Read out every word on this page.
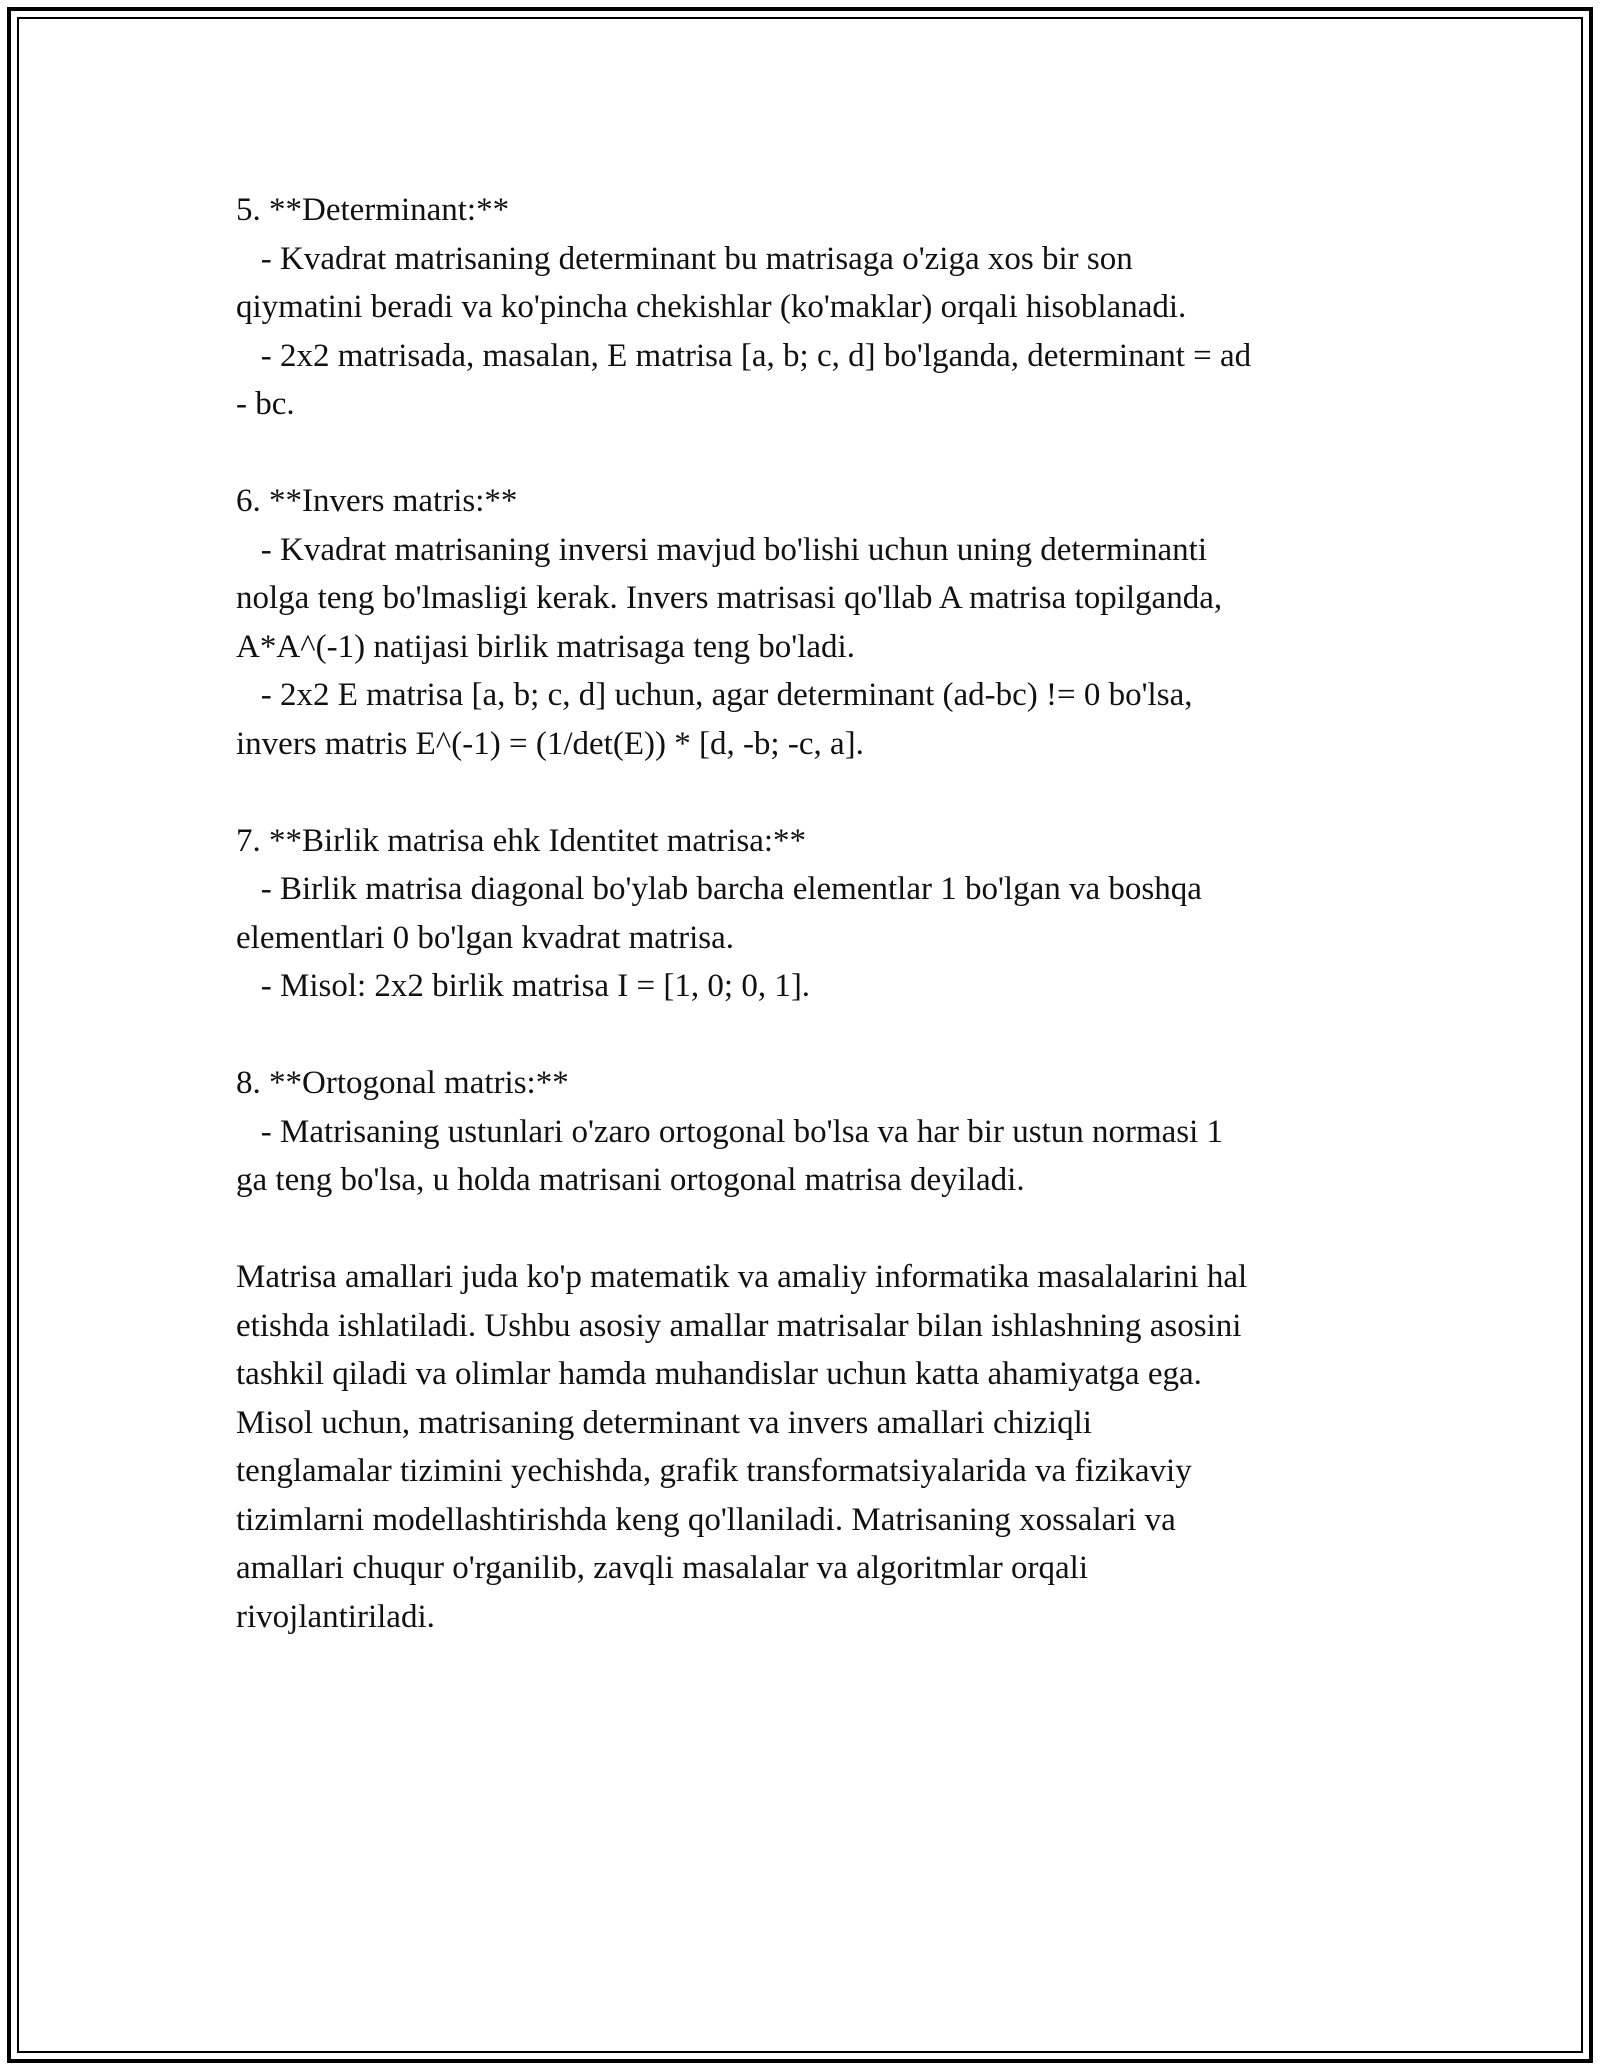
5. **Determinant:**

- Kvadrat matrisaning determinant bu matrisaga o'ziga xos bir son

qiymatini beradi va ko'pincha chekishlar (ko'maklar) orqali hisoblanadi.

- 2x2 matrisada, masalan, E matrisa [a, b; c, d] bo'lganda, determinant = ad

- bc.

6. **Invers matris:**

- Kvadrat matrisaning inversi mavjud bo'lishi uchun uning determinanti

nolga teng bo'lmasligi kerak. Invers matrisasi qo'llab A matrisa topilganda,

A*A^(-1) natijasi birlik matrisaga teng bo'ladi.

- 2x2 E matrisa [a, b; c, d] uchun, agar determinant (ad-bc) != 0 bo'lsa,

invers matris E^(-1) = (1/det(E)) * [d, -b; -c, a].

7. **Birlik matrisa ehk Identitet matrisa:**

- Birlik matrisa diagonal bo'ylab barcha elementlar 1 bo'lgan va boshqa

elementlari 0 bo'lgan kvadrat matrisa.

- Misol: 2x2 birlik matrisa I = [1, 0; 0, 1].

8. **Ortogonal matris:**

- Matrisaning ustunlari o'zaro ortogonal bo'lsa va har bir ustun normasi 1

ga teng bo'lsa, u holda matrisani ortogonal matrisa deyiladi.

Matrisa amallari juda ko'p matematik va amaliy informatika masalalarini hal

etishda ishlatiladi. Ushbu asosiy amallar matrisalar bilan ishlashning asosini

tashkil qiladi va olimlar hamda muhandislar uchun katta ahamiyatga ega.

Misol uchun, matrisaning determinant va invers amallari chiziqli

tenglamalar tizimini yechishda, grafik transformatsiyalarida va fizikaviy

tizimlarni modellashtirishda keng qo'llaniladi. Matrisaning xossalari va

amallari chuqur o'rganilib, zavqli masalalar va algoritmlar orqali

rivojlantiriladi.
